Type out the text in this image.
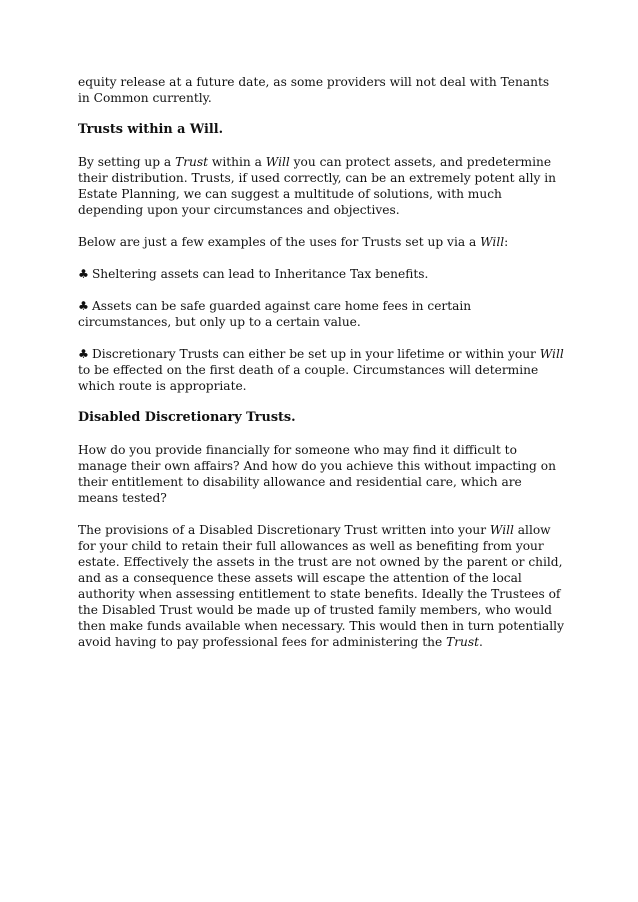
equity release at a future date, as some providers will not deal with Tenants in Common currently.

Trusts within a Will.

By setting up a Trust within a Will you can protect assets, and predetermine their distribution. Trusts, if used correctly, can be an extremely potent ally in Estate Planning, we can suggest a multitude of solutions, with much depending upon your circumstances and objectives.

Below are just a few examples of the uses for Trusts set up via a Will:

♣ Sheltering assets can lead to Inheritance Tax benefits.

♣ Assets can be safe guarded against care home fees in certain circumstances, but only up to a certain value.

♣ Discretionary Trusts can either be set up in your lifetime or within your Will to be effected on the first death of a couple. Circumstances will determine which route is appropriate.

Disabled Discretionary Trusts.

How do you provide financially for someone who may find it difficult to manage their own affairs? And how do you achieve this without impacting on their entitlement to disability allowance and residential care, which are means tested?

The provisions of a Disabled Discretionary Trust written into your Will allow for your child to retain their full allowances as well as benefiting from your estate. Effectively the assets in the trust are not owned by the parent or child, and as a consequence these assets will escape the attention of the local authority when assessing entitlement to state benefits. Ideally the Trustees of the Disabled Trust would be made up of trusted family members, who would then make funds available when necessary. This would then in turn potentially avoid having to pay professional fees for administering the Trust.
